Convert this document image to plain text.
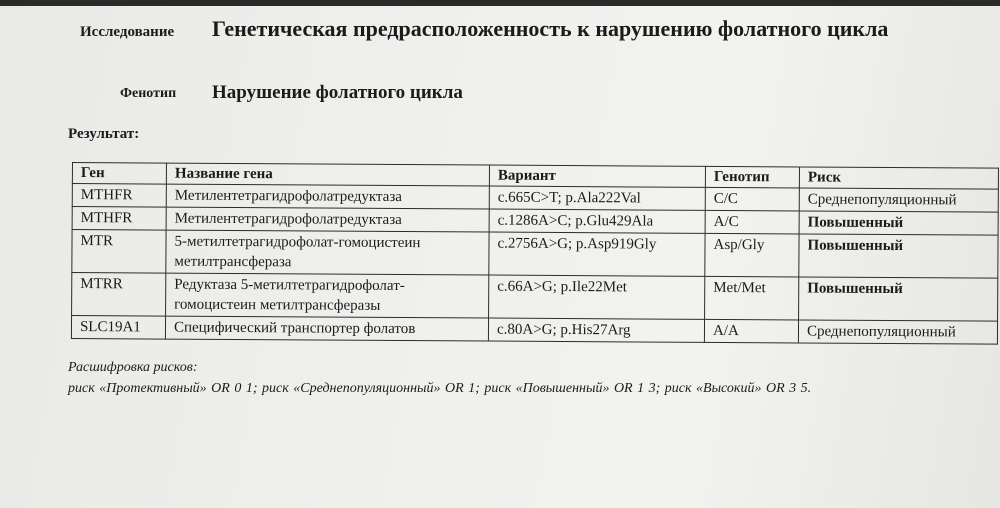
Исследование Генетическая предрасположенность к нарушению фолатного цикла
Фенотип Нарушение фолатного цикла
Результат:
Ген	Название гена	Вариант	Генотип	Риск
MTHFR	Метилентетрагидрофолатредуктаза	c.665C>T; p.Ala222Val	C/C	Среднепопуляционный
MTHFR	Метилентетрагидрофолатредуктаза	c.1286A>C; p.Glu429Ala	A/C	Повышенный
MTR	5-метилтетрагидрофолат-гомоцистеин метилтрансфераза	c.2756A>G; p.Asp919Gly	Asp/Gly	Повышенный
MTRR	Редуктаза 5-метилтетрагидрофолат-гомоцистеин метилтрансферазы	c.66A>G; p.Ile22Met	Met/Met	Повышенный
SLC19A1	Специфический транспортер фолатов	c.80A>G; p.His27Arg	A/A	Среднепопуляционный
Расшифровка рисков:
риск «Протективный» OR 0 1; риск «Среднепопуляционный» OR 1; риск «Повышенный» OR 1 3; риск «Высокий» OR 3 5.
